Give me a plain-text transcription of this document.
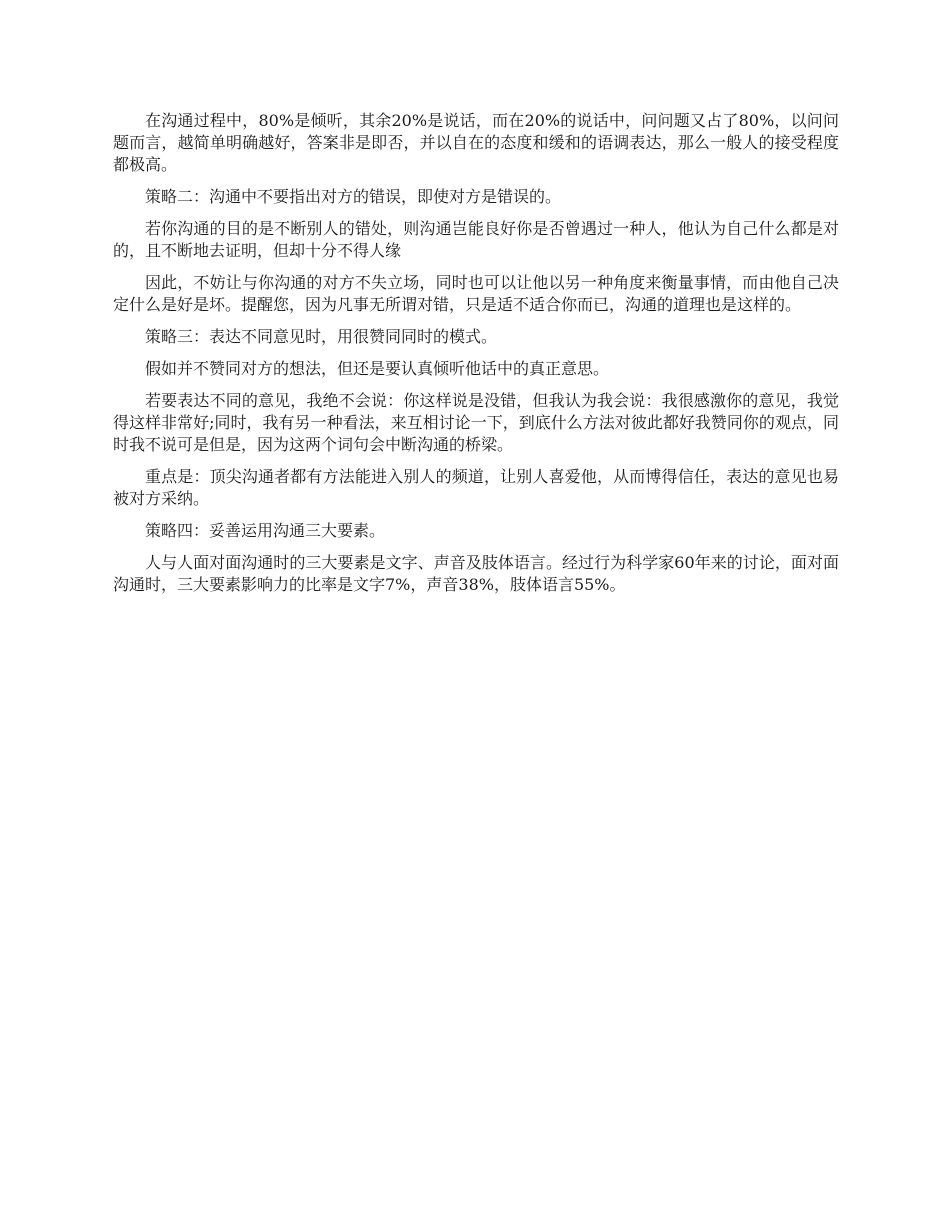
在沟通过程中，80%是倾听，其余20%是说话，而在20%的说话中，问问题又占了80%，以问问题而言，越简单明确越好，答案非是即否，并以自在的态度和缓和的语调表达，那么一般人的接受程度都极高。

策略二：沟通中不要指出对方的错误，即使对方是错误的。

若你沟通的目的是不断别人的错处，则沟通岂能良好你是否曾遇过一种人，他认为自己什么都是对的，且不断地去证明，但却十分不得人缘

因此，不妨让与你沟通的对方不失立场，同时也可以让他以另一种角度来衡量事情，而由他自己决定什么是好是坏。提醒您，因为凡事无所谓对错，只是适不适合你而已，沟通的道理也是这样的。

策略三：表达不同意见时，用很赞同同时的模式。

假如并不赞同对方的想法，但还是要认真倾听他话中的真正意思。

若要表达不同的意见，我绝不会说：你这样说是没错，但我认为我会说：我很感激你的意见，我觉得这样非常好;同时，我有另一种看法，来互相讨论一下，到底什么方法对彼此都好我赞同你的观点，同时我不说可是但是，因为这两个词句会中断沟通的桥梁。

重点是：顶尖沟通者都有方法能进入别人的频道，让别人喜爱他，从而博得信任，表达的意见也易被对方采纳。

策略四：妥善运用沟通三大要素。

人与人面对面沟通时的三大要素是文字、声音及肢体语言。经过行为科学家60年来的讨论，面对面沟通时，三大要素影响力的比率是文字7%，声音38%，肢体语言55%。
